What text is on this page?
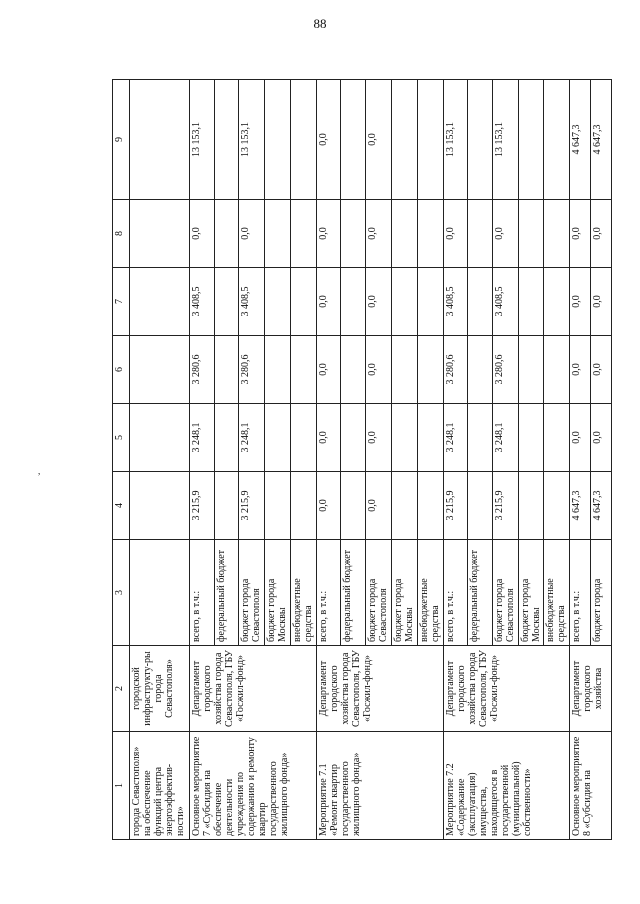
88
,
1	2	3	4	5	6	7	8	9
города Севастополя» на обеспечение функций центра энергоэффектив-ности»	городской инфраструкту-ры города Севастополя»							
Основное мероприятие 7 «Субсидия на обеспечение деятельности учреждения по содержанию и ремонту квартир государственного жилищного фонда»	Департамент городского хозяйства города Севастополя, ГБУ «Госжил-фонд»	всего, в т.ч.:	3 215,9	3 248,1	3 280,6	3 408,5	0,0	13 153,1
		федеральный бюджет						
		бюджет города Севастополя	3 215,9	3 248,1	3 280,6	3 408,5	0,0	13 153,1
		бюджет города Москвы						
		внебюджетные средства						
Мероприятие 7.1 «Ремонт квартир государственного жилищного фонда»	Департамент городского хозяйства города Севастополя, ГБУ «Госжил-фонд»	всего, в т.ч.:	0,0	0,0	0,0	0,0	0,0	0,0
		федеральный бюджет						
		бюджет города Севастополя	0,0	0,0	0,0	0,0	0,0	0,0
		бюджет города Москвы						
		внебюджетные средства						
Мероприятие 7.2 «Содержание (эксплуатация) имущества, находящегося в государственной (муниципальной) собственности»	Департамент городского хозяйства города Севастополя, ГБУ «Госжил-фонд»	всего, в т.ч.:	3 215,9	3 248,1	3 280,6	3 408,5	0,0	13 153,1
		федеральный бюджет						
		бюджет города Севастополя	3 215,9	3 248,1	3 280,6	3 408,5	0,0	13 153,1
		бюджет города Москвы						
		внебюджетные средства						
Основное мероприятие 8 «Субсидия на	Департамент городского хозяйства	всего, в т.ч.:	4 647,3	0,0	0,0	0,0	0,0	4 647,3
		бюджет города	4 647,3	0,0	0,0	0,0	0,0	4 647,3
